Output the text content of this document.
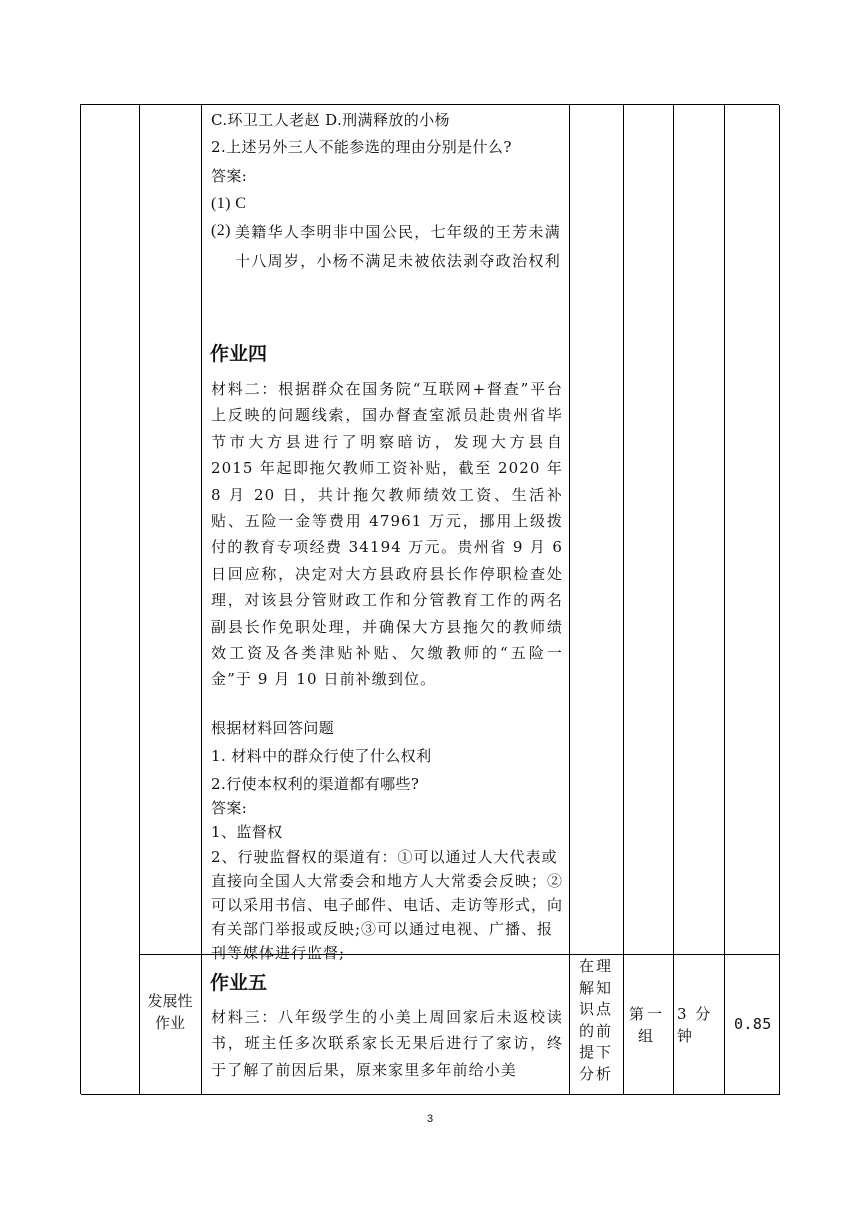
C.环卫工人老赵 D.刑满释放的小杨
2.上述另外三人不能参选的理由分别是什么?
答案:
(1) C
(2) 美籍华人李明非中国公民，七年级的王芳未满十八周岁，小杨不满足未被依法剥夺政治权利
作业四
材料二：根据群众在国务院“互联网+督查”平台上反映的问题线索，国办督查室派员赴贵州省毕节市大方县进行了明察暗访，发现大方县自 2015 年起即拖欠教师工资补贴，截至 2020 年 8 月 20 日，共计拖欠教师绩效工资、生活补贴、五险一金等费用 47961 万元，挪用上级拨付的教育专项经费 34194 万元。贵州省 9 月 6 日回应称，决定对大方县政府县长作停职检查处理，对该县分管财政工作和分管教育工作的两名副县长作免职处理，并确保大方县拖欠的教师绩效工资及各类津贴补贴、欠缴教师的“五险一金”于 9 月 10 日前补缴到位。
根据材料回答问题
1. 材料中的群众行使了什么权利
2.行使本权利的渠道都有哪些?
答案:
1、监督权
2、行驶监督权的渠道有：①可以通过人大代表或直接向全国人大常委会和地方人大常委会反映；②可以采用书信、电子邮件、电话、走访等形式，向有关部门举报或反映;③可以通过电视、广播、报刊等媒体进行监督;
发展性作业
作业五
材料三：八年级学生的小美上周回家后未返校读书，班主任多次联系家长无果后进行了家访，终于了解了前因后果，原来家里多年前给小美
在理解知识点的前提下分析
第一组
3 分钟
0.85
3
